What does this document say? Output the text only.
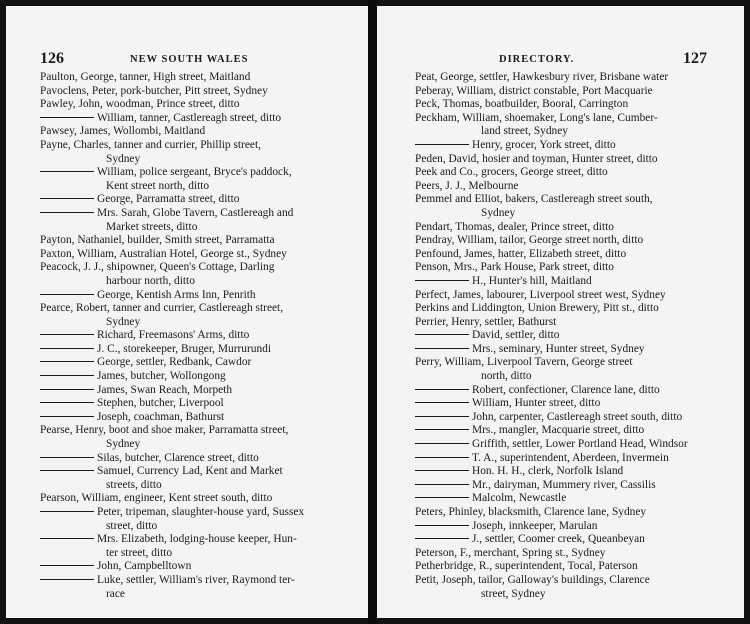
126	NEW SOUTH WALES
Paulton, George, tanner, High street, Maitland
Pavoclens, Peter, pork-butcher, Pitt street, Sydney
Pawley, John, woodman, Prince street, ditto
William, tanner, Castlereagh street, ditto
Pawsey, James, Wollombi, Maitland
Payne, Charles, tanner and currier, Phillip street,
Sydney
William, police sergeant, Bryce's paddock,
Kent street north, ditto
George, Parramatta street, ditto
Mrs. Sarah, Globe Tavern, Castlereagh and
Market streets, ditto
Payton, Nathaniel, builder, Smith street, Parramatta
Paxton, William, Australian Hotel, George st., Sydney
Peacock, J. J., shipowner, Queen's Cottage, Darling
harbour north, ditto
George, Kentish Arms Inn, Penrith
Pearce, Robert, tanner and currier, Castlereagh street,
Sydney
Richard, Freemasons' Arms, ditto
J. C., storekeeper, Bruger, Murrurundi
George, settler, Redbank, Cawdor
James, butcher, Wollongong
James, Swan Reach, Morpeth
Stephen, butcher, Liverpool
Joseph, coachman, Bathurst
Pearse, Henry, boot and shoe maker, Parramatta street,
Sydney
Silas, butcher, Clarence street, ditto
Samuel, Currency Lad, Kent and Market
streets, ditto
Pearson, William, engineer, Kent street south, ditto
Peter, tripeman, slaughter-house yard, Sussex
street, ditto
Mrs. Elizabeth, lodging-house keeper, Hun-
ter street, ditto
John, Campbelltown
Luke, settler, William's river, Raymond ter-
race
DIRECTORY.	127
Peat, George, settler, Hawkesbury river, Brisbane water
Peberay, William, district constable, Port Macquarie
Peck, Thomas, boatbuilder, Booral, Carrington
Peckham, William, shoemaker, Long's lane, Cumber-
land street, Sydney
Henry, grocer, York street, ditto
Peden, David, hosier and toyman, Hunter street, ditto
Peek and Co., grocers, George street, ditto
Peers, J. J., Melbourne
Pemmel and Elliot, bakers, Castlereagh street south,
Sydney
Pendart, Thomas, dealer, Prince street, ditto
Pendray, William, tailor, George street north, ditto
Penfound, James, hatter, Elizabeth street, ditto
Penson, Mrs., Park House, Park street, ditto
H., Hunter's hill, Maitland
Perfect, James, labourer, Liverpool street west, Sydney
Perkins and Liddington, Union Brewery, Pitt st., ditto
Perrier, Henry, settler, Bathurst
David, settler, ditto
Mrs., seminary, Hunter street, Sydney
Perry, William, Liverpool Tavern, George street
north, ditto
Robert, confectioner, Clarence lane, ditto
William, Hunter street, ditto
John, carpenter, Castlereagh street south, ditto
Mrs., mangler, Macquarie street, ditto
Griffith, settler, Lower Portland Head, Windsor
T. A., superintendent, Aberdeen, Invermein
Hon. H. H., clerk, Norfolk Island
Mr., dairyman, Mummery river, Cassilis
Malcolm, Newcastle
Peters, Phinley, blacksmith, Clarence lane, Sydney
Joseph, innkeeper, Marulan
J., settler, Coomer creek, Queanbeyan
Peterson, F., merchant, Spring st., Sydney
Petherbridge, R., superintendent, Tocal, Paterson
Petit, Joseph, tailor, Galloway's buildings, Clarence
street, Sydney
